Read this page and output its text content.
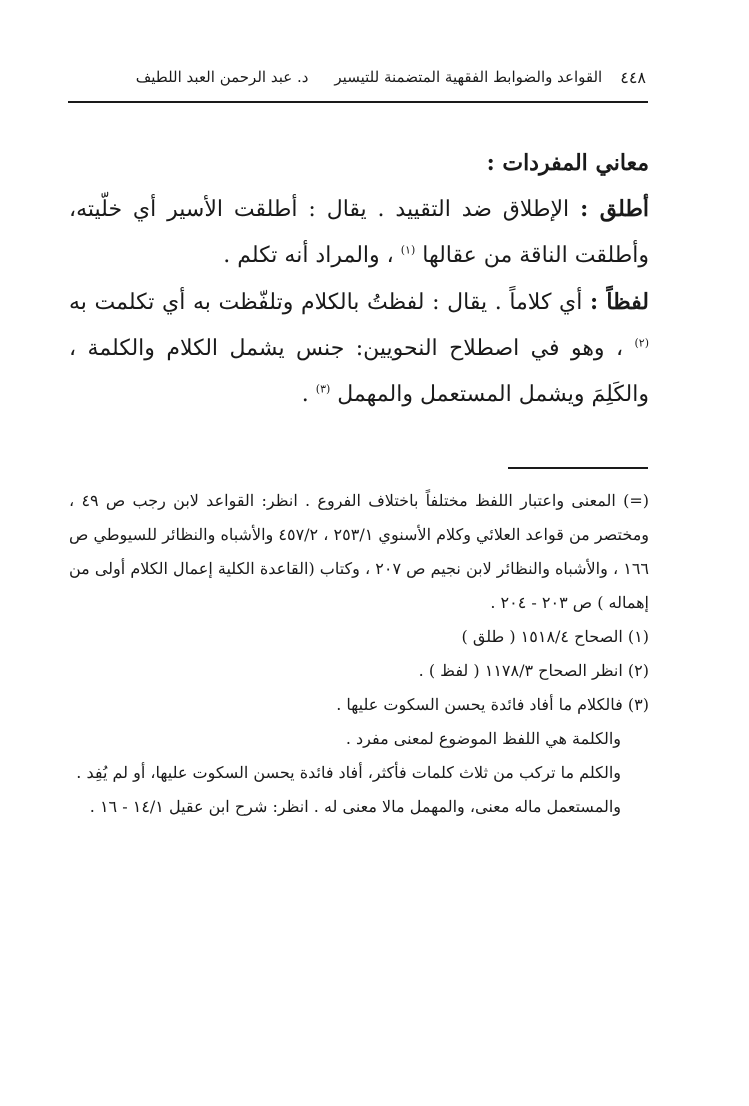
٤٤٨
القواعد والضوابط الفقهية المتضمنة للتيسير
د. عبد الرحمن العبد اللطيف
معاني المفردات :

أطلق : الإطلاق ضد التقييد . يقال : أطلقت الأسير أي خلّيته، وأطلقت الناقة من عقالها $^{(١)}$ ، والمراد أنه تكلم .

لفظاً : أي كلاماً . يقال : لفظتُ بالكلام وتلفّظت به أي تكلمت به $^{(٢)}$ ، وهو في اصطلاح النحويين: جنس يشمل الكلام والكلمة ، والكَلِمَ ويشمل المستعمل والمهمل $^{(٣)}$ .

(=) المعنى واعتبار اللفظ مختلفاً باختلاف الفروع . انظر: القواعد لابن رجب ص ٤٩ ، ومختصر من قواعد العلائي وكلام الأسنوي ٢٥٣/١ ، ٤٥٧/٢ والأشباه والنظائر للسيوطي ص ١٦٦ ، والأشباه والنظائر لابن نجيم ص ٢٠٧ ، وكتاب (القاعدة الكلية إعمال الكلام أولى من إهماله ) ص ٢٠٣ - ٢٠٤ .

(١) الصحاح ١٥١٨/٤ ( طلق )

(٢) انظر الصحاح ١١٧٨/٣ ( لفظ ) .

(٣) فالكلام ما أفاد فائدة يحسن السكوت عليها .

والكلمة هي اللفظ الموضوع لمعنى مفرد .

والكلم ما تركب من ثلاث كلمات فأكثر، أفاد فائدة يحسن السكوت عليها، أو لم يُفِد .

والمستعمل ماله معنى، والمهمل مالا معنى له . انظر: شرح ابن عقيل ١٤/١ - ١٦ .
